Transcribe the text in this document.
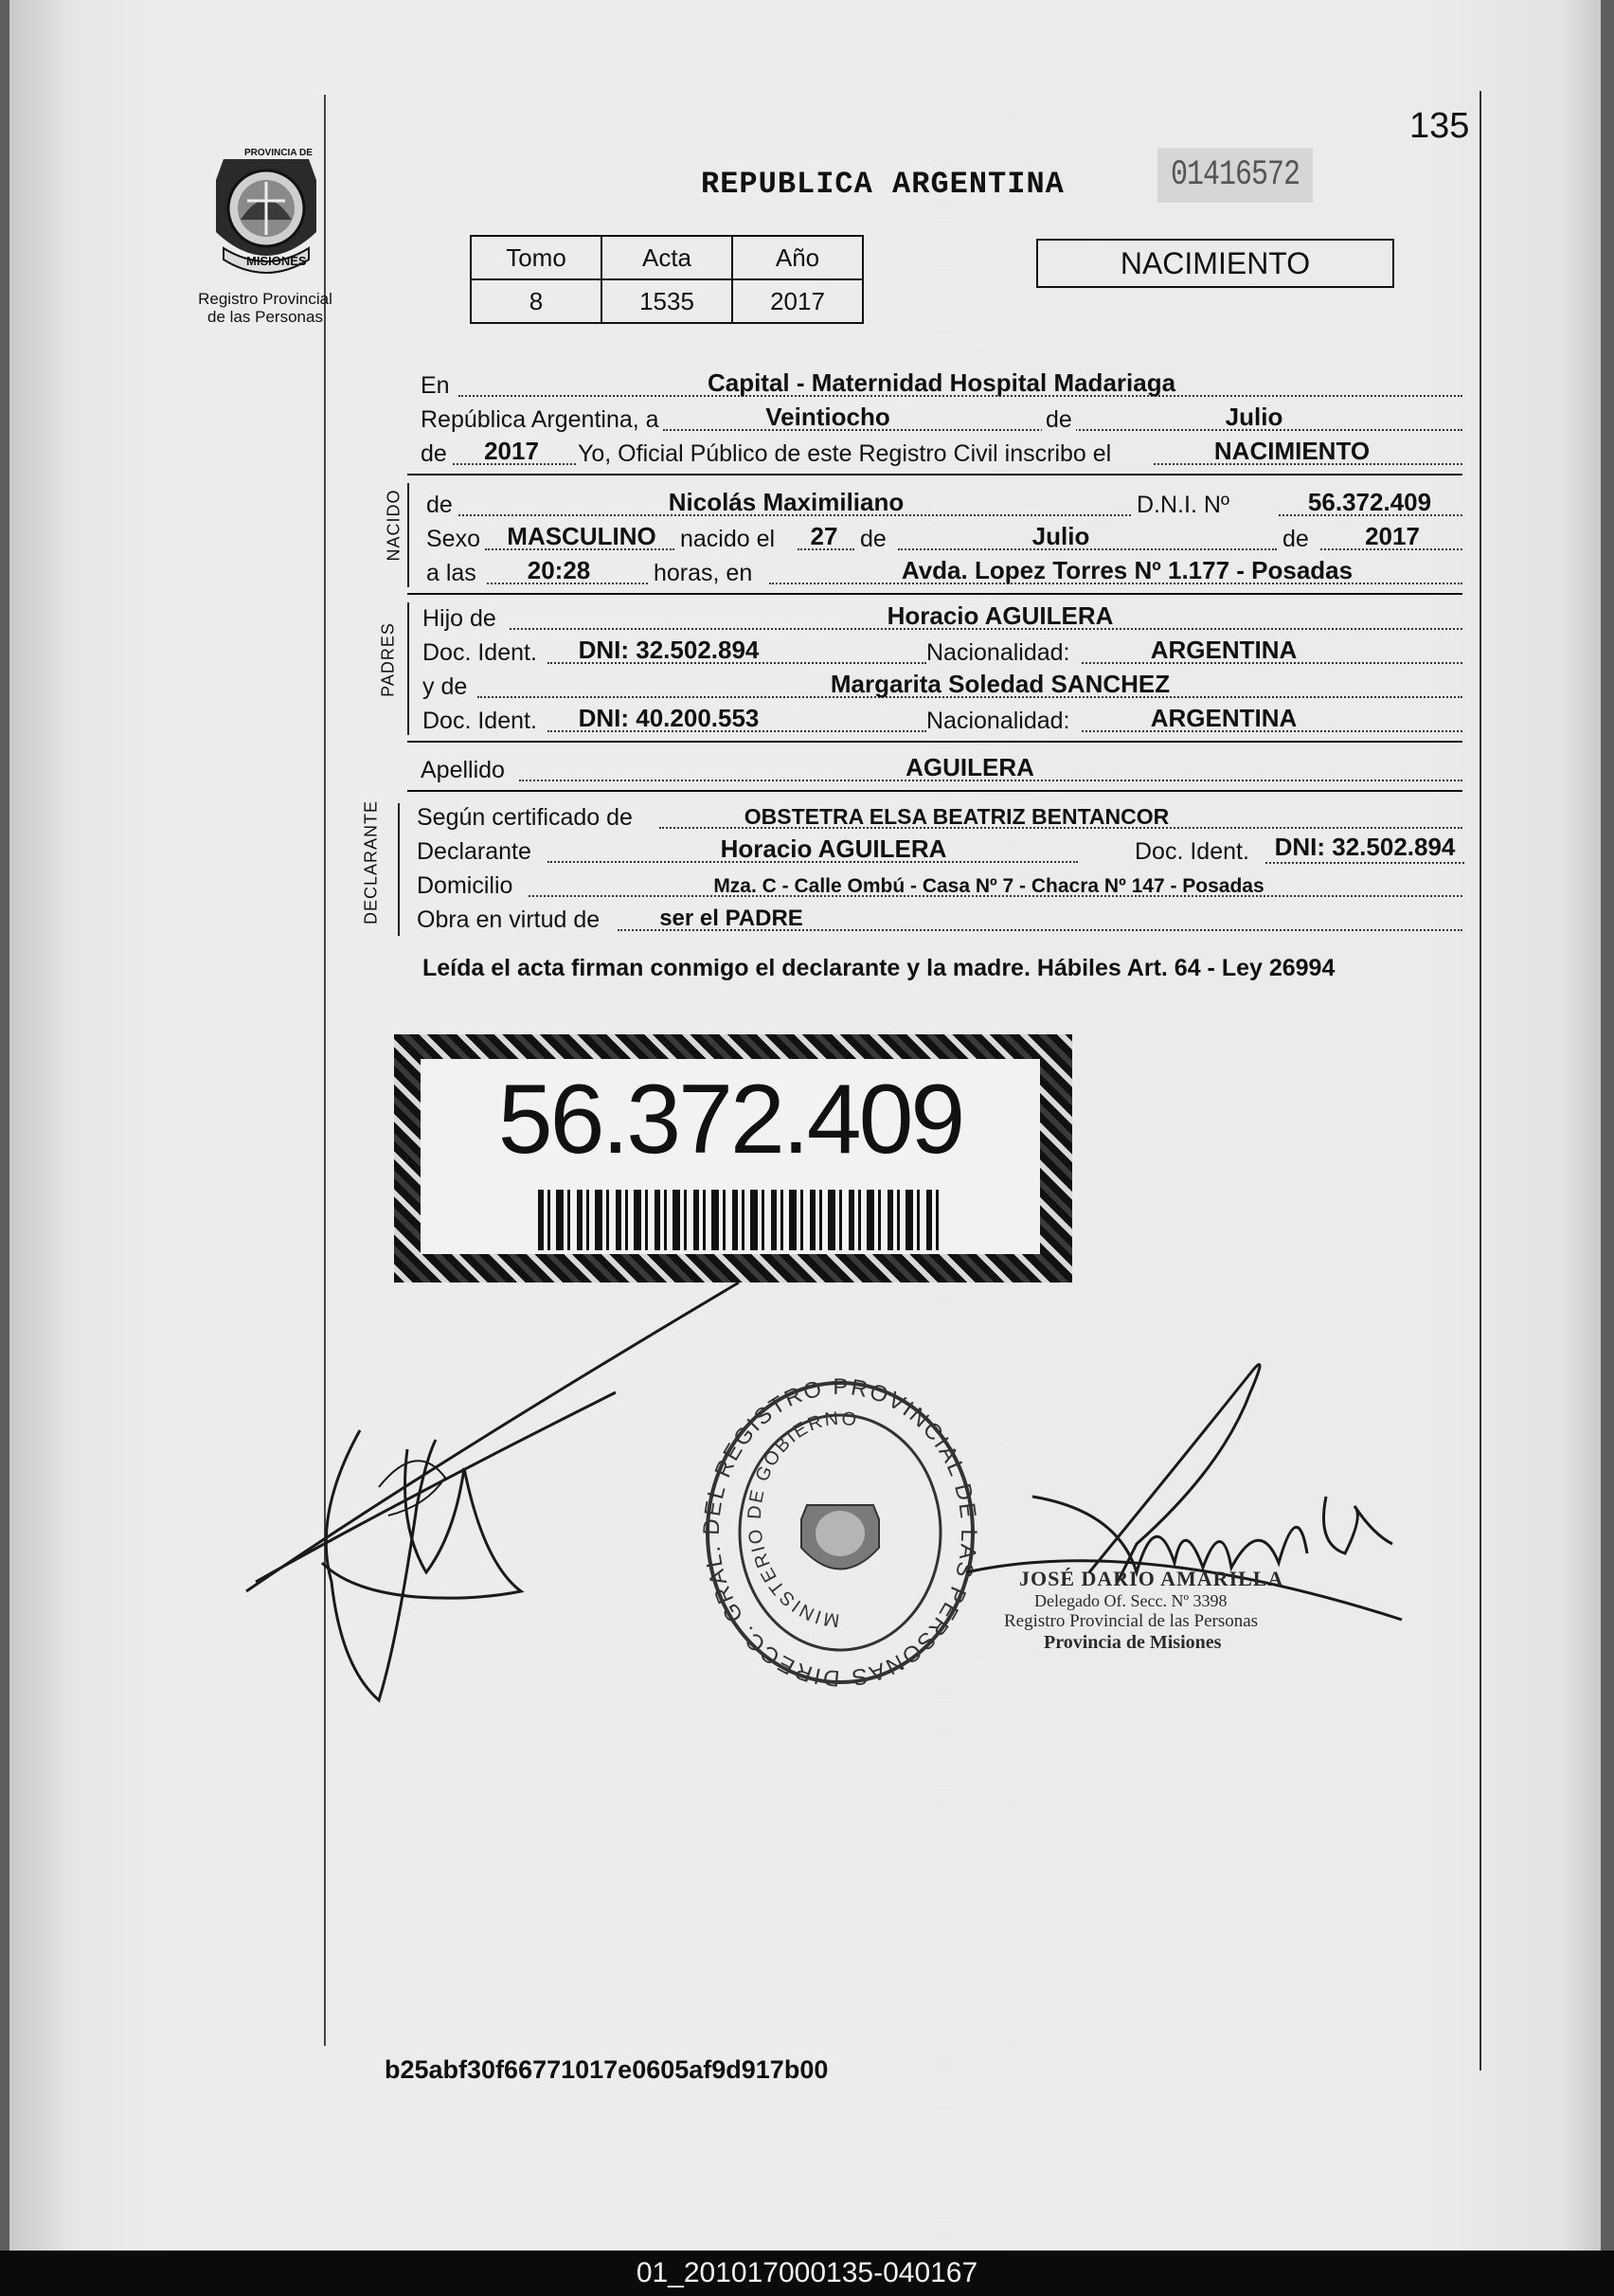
135
PROVINCIA DE
MISIONES
Registro Provincial
de las Personas
REPUBLICA ARGENTINA	01416572
Tomo	Acta	Año
8	1535	2017
NACIMIENTO
En	Capital - Maternidad Hospital Madariaga
República Argentina, a	Veintiocho	de	Julio
de	2017	Yo, Oficial Público de este Registro Civil inscribo el	NACIMIENTO
NACIDO de	Nicolás Maximiliano	D.N.I. Nº	56.372.409
Sexo	MASCULINO	nacido el	27 de	Julio	de	2017
a las	20:28	horas, en	Avda. Lopez Torres Nº 1.177 - Posadas
PADRES
Hijo de	Horacio AGUILERA
Doc. Ident.	DNI: 32.502.894	Nacionalidad:	ARGENTINA
y de	Margarita Soledad SANCHEZ
Doc. Ident.	DNI: 40.200.553	Nacionalidad:	ARGENTINA
Apellido	AGUILERA
DECLARANTE Según certificado de	OBSTETRA ELSA BEATRIZ BENTANCOR
Declarante	Horacio AGUILERA	Doc. Ident.	DNI: 32.502.894
Domicilio	Mza. C - Calle Ombú - Casa Nº 7 - Chacra Nº 147 - Posadas
Obra en virtud de	ser el PADRE
Leída el acta firman conmigo el declarante y la madre. Hábiles Art. 64 - Ley 26994
56.372.409
DIRECC. GRAL L REGISTRO PROVINCIAL D S PERSONAS
MINISTERIO DE GOBIERNO
JOSÉ DARIO AMARILLA
Delegado Of. Secc. Nº 3398
Registro Provincial de las Personas
Provincia de Misiones
b25abf30f66771017e0605af9d917b00
01_201017000135-040167
